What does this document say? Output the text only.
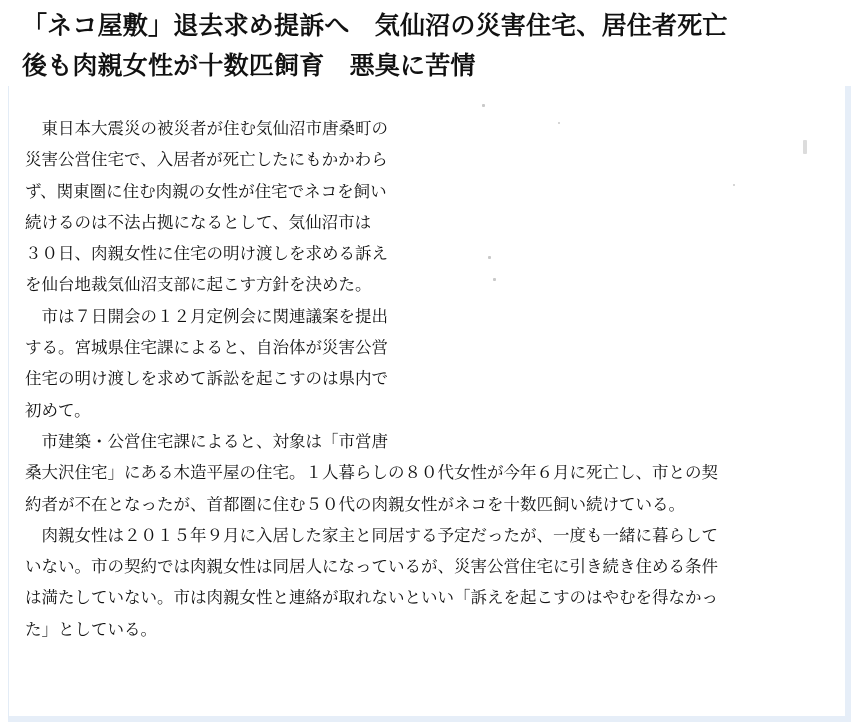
「ネコ屋敷」退去求め提訴へ　気仙沼の災害住宅、居住者死亡
後も肉親女性が十数匹飼育　悪臭に苦情
　東日本大震災の被災者が住む気仙沼市唐桑町の
災害公営住宅で、入居者が死亡したにもかかわら
ず、関東圏に住む肉親の女性が住宅でネコを飼い
続けるのは不法占拠になるとして、気仙沼市は
３０日、肉親女性に住宅の明け渡しを求める訴え
を仙台地裁気仙沼支部に起こす方針を決めた。
　市は７日開会の１２月定例会に関連議案を提出
する。宮城県住宅課によると、自治体が災害公営
住宅の明け渡しを求めて訴訟を起こすのは県内で
初めて。
　市建築・公営住宅課によると、対象は「市営唐
桑大沢住宅」にある木造平屋の住宅。１人暮らしの８０代女性が今年６月に死亡し、市との契
約者が不在となったが、首都圏に住む５０代の肉親女性がネコを十数匹飼い続けている。
　肉親女性は２０１５年９月に入居した家主と同居する予定だったが、一度も一緒に暮らして
いない。市の契約では肉親女性は同居人になっているが、災害公営住宅に引き続き住める条件
は満たしていない。市は肉親女性と連絡が取れないといい「訴えを起こすのはやむを得なかっ
た」としている。
